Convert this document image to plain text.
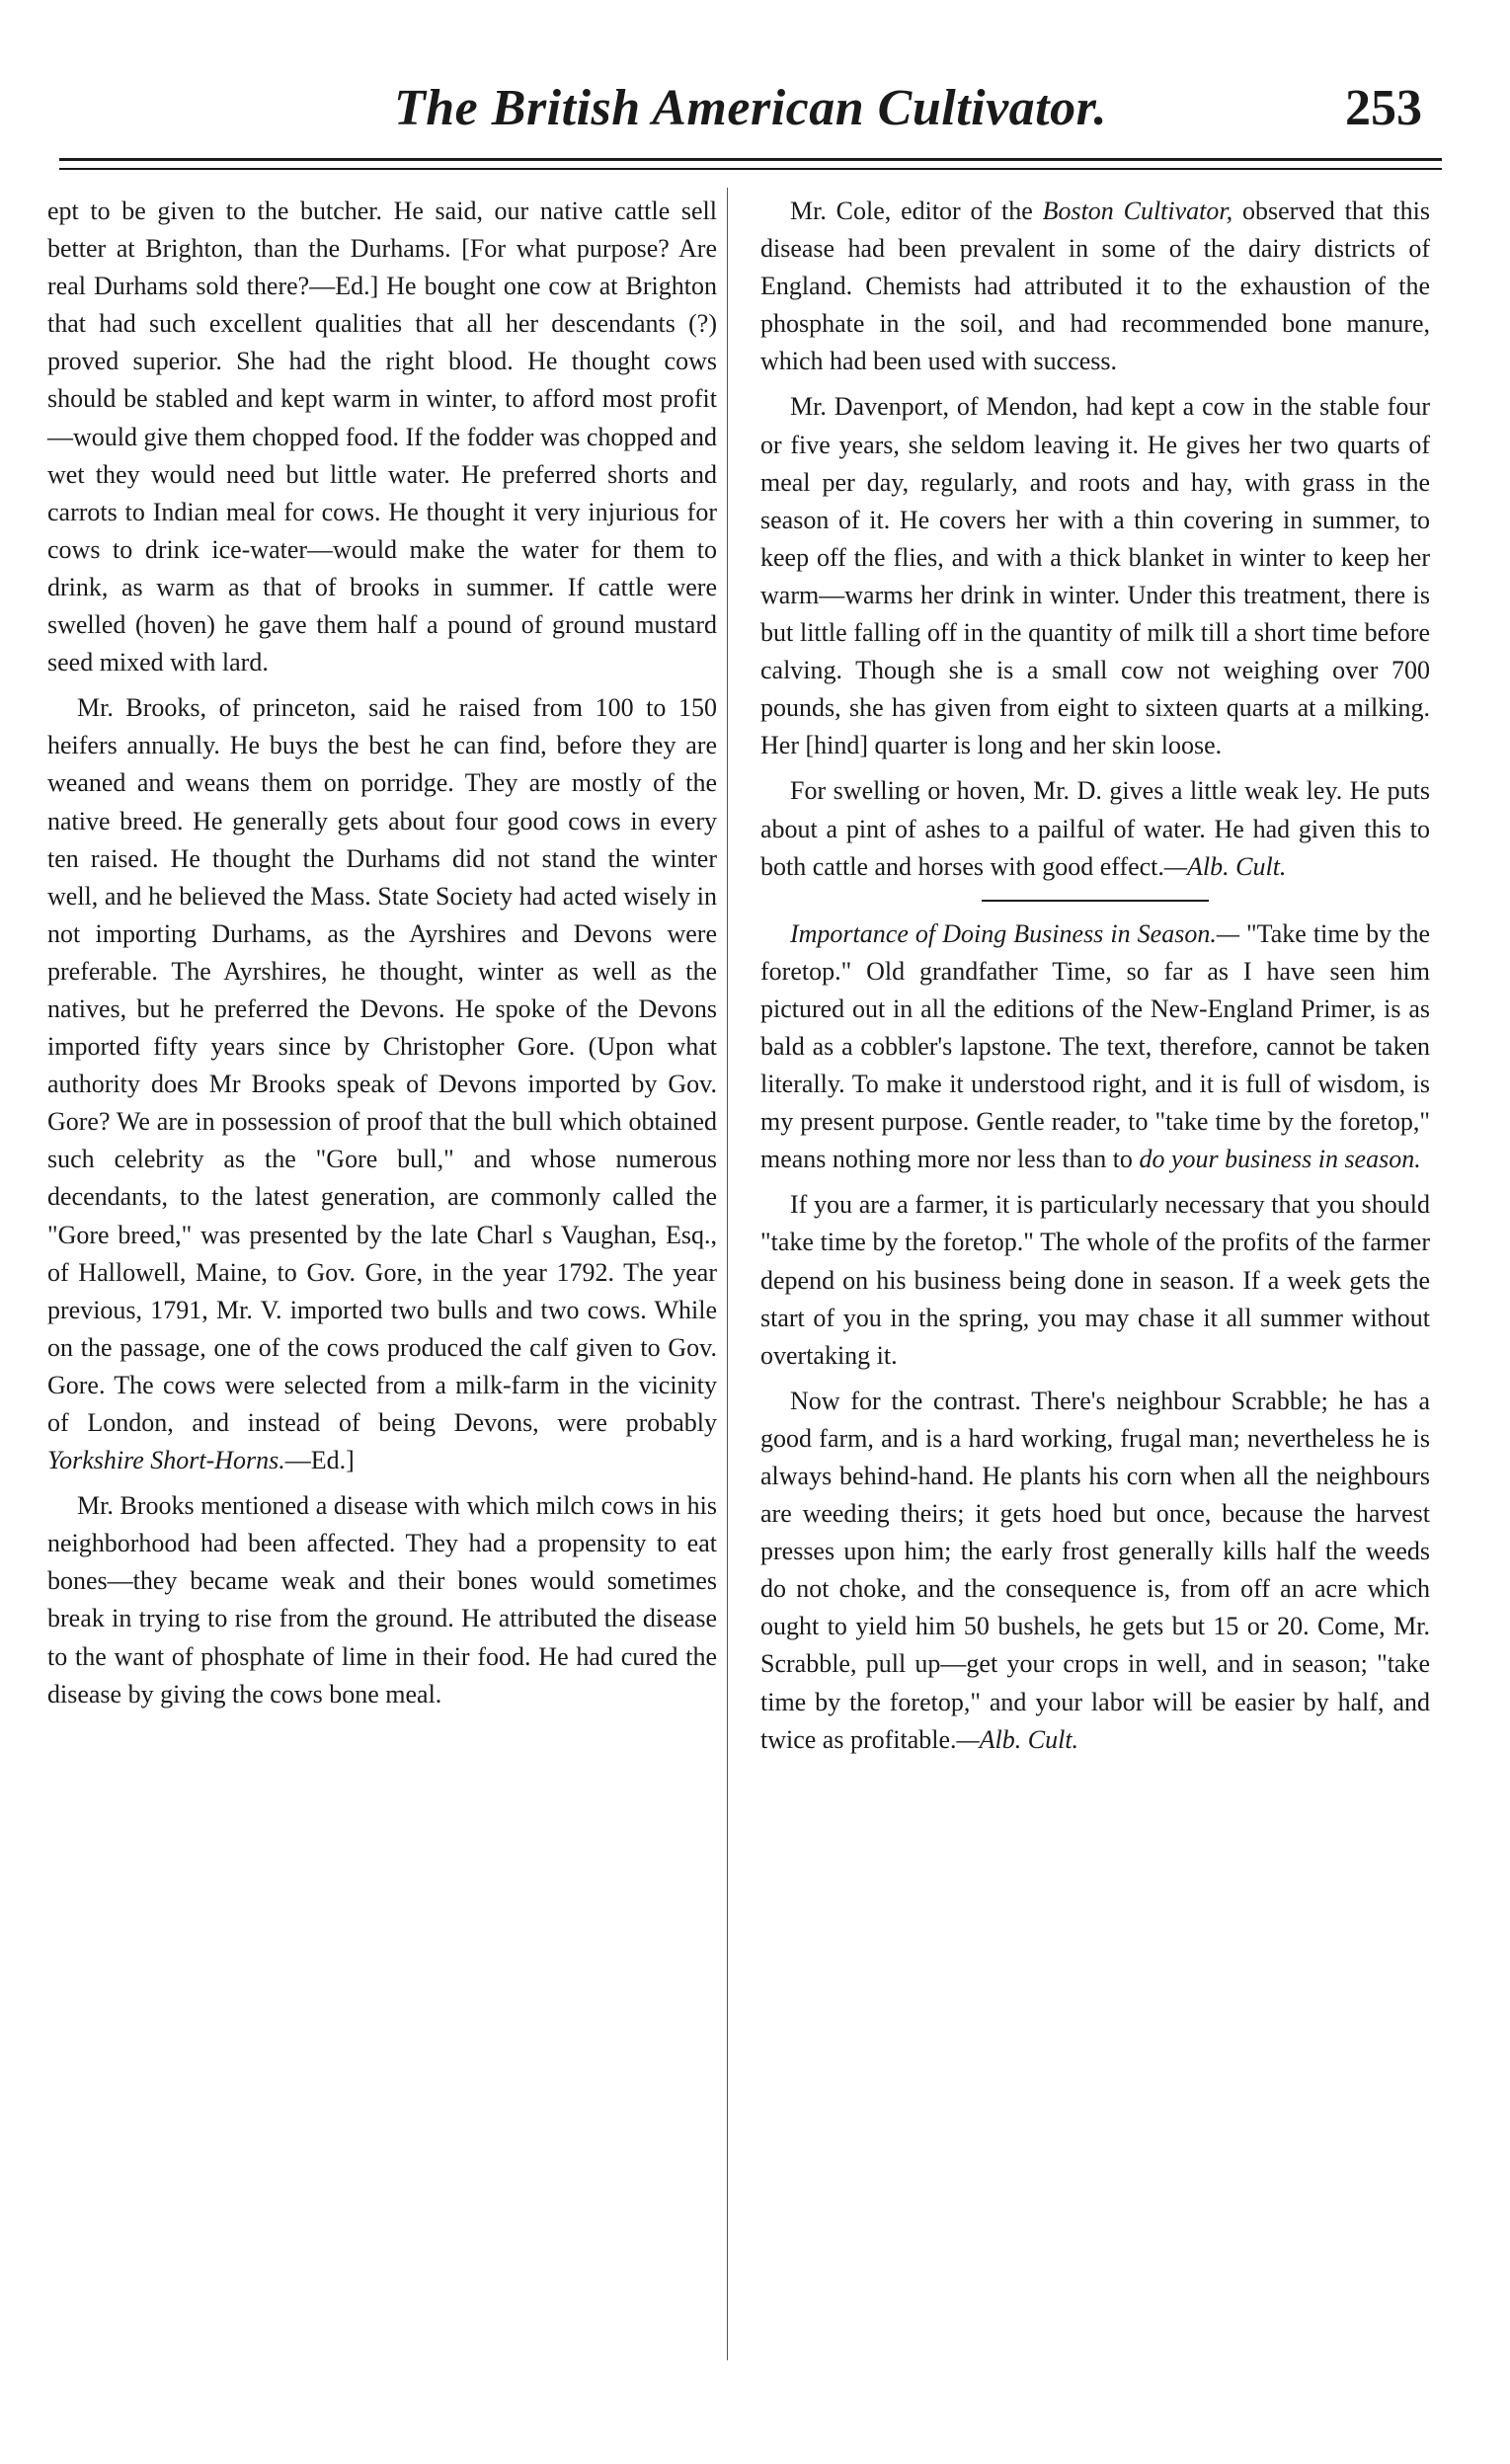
The British American Cultivator.	253

ept to be given to the butcher. He said, our native cattle sell better at Brighton, than the Durhams. [For what purpose? Are real Durhams sold there?—Ed.] He bought one cow at Brighton that had such excellent qualities that all her descendants (?) proved superior. She had the right blood. He thought cows should be stabled and kept warm in winter, to afford most profit—would give them chopped food. If the fodder was chopped and wet they would need but little water. He preferred shorts and carrots to Indian meal for cows. He thought it very injurious for cows to drink ice-water—would make the water for them to drink, as warm as that of brooks in summer. If cattle were swelled (hoven) he gave them half a pound of ground mustard seed mixed with lard.

Mr. Brooks, of princeton, said he raised from 100 to 150 heifers annually. He buys the best he can find, before they are weaned and weans them on porridge. They are mostly of the native breed. He generally gets about four good cows in every ten raised. He thought the Durhams did not stand the winter well, and he believed the Mass. State Society had acted wisely in not importing Durhams, as the Ayrshires and Devons were preferable. The Ayrshires, he thought, winter as well as the natives, but he preferred the Devons. He spoke of the Devons imported fifty years since by Christopher Gore. (Upon what authority does Mr Brooks speak of Devons imported by Gov. Gore? We are in possession of proof that the bull which obtained such celebrity as the "Gore bull," and whose numerous decendants, to the latest generation, are commonly called the "Gore breed," was presented by the late Charl s Vaughan, Esq., of Hallowell, Maine, to Gov. Gore, in the year 1792. The year previous, 1791, Mr. V. imported two bulls and two cows. While on the passage, one of the cows produced the calf given to Gov. Gore. The cows were selected from a milk-farm in the vicinity of London, and instead of being Devons, were probably Yorkshire Short-Horns.—Ed.]

Mr. Brooks mentioned a disease with which milch cows in his neighborhood had been affected. They had a propensity to eat bones—they became weak and their bones would sometimes break in trying to rise from the ground. He attributed the disease to the want of phosphate of lime in their food. He had cured the disease by giving the cows bone meal.

Mr. Cole, editor of the Boston Cultivator, observed that this disease had been prevalent in some of the dairy districts of England. Chemists had attributed it to the exhaustion of the phosphate in the soil, and had recommended bone manure, which had been used with success.

Mr. Davenport, of Mendon, had kept a cow in the stable four or five years, she seldom leaving it. He gives her two quarts of meal per day, regularly, and roots and hay, with grass in the season of it. He covers her with a thin covering in summer, to keep off the flies, and with a thick blanket in winter to keep her warm—warms her drink in winter. Under this treatment, there is but little falling off in the quantity of milk till a short time before calving. Though she is a small cow not weighing over 700 pounds, she has given from eight to sixteen quarts at a milking. Her [hind] quarter is long and her skin loose.

For swelling or hoven, Mr. D. gives a little weak ley. He puts about a pint of ashes to a pailful of water. He had given this to both cattle and horses with good effect.—Alb. Cult.

Importance of Doing Business in Season.— "Take time by the foretop." Old grandfather Time, so far as I have seen him pictured out in all the editions of the New-England Primer, is as bald as a cobbler's lapstone. The text, therefore, cannot be taken literally. To make it understood right, and it is full of wisdom, is my present purpose. Gentle reader, to "take time by the foretop," means nothing more nor less than to do your business in season.

If you are a farmer, it is particularly necessary that you should "take time by the foretop." The whole of the profits of the farmer depend on his business being done in season. If a week gets the start of you in the spring, you may chase it all summer without overtaking it.

Now for the contrast. There's neighbour Scrabble; he has a good farm, and is a hard working, frugal man; nevertheless he is always behind-hand. He plants his corn when all the neighbours are weeding theirs; it gets hoed but once, because the harvest presses upon him; the early frost generally kills half the weeds do not choke, and the consequence is, from off an acre which ought to yield him 50 bushels, he gets but 15 or 20. Come, Mr. Scrabble, pull up—get your crops in well, and in season; "take time by the foretop," and your labor will be easier by half, and twice as profitable.—Alb. Cult.
